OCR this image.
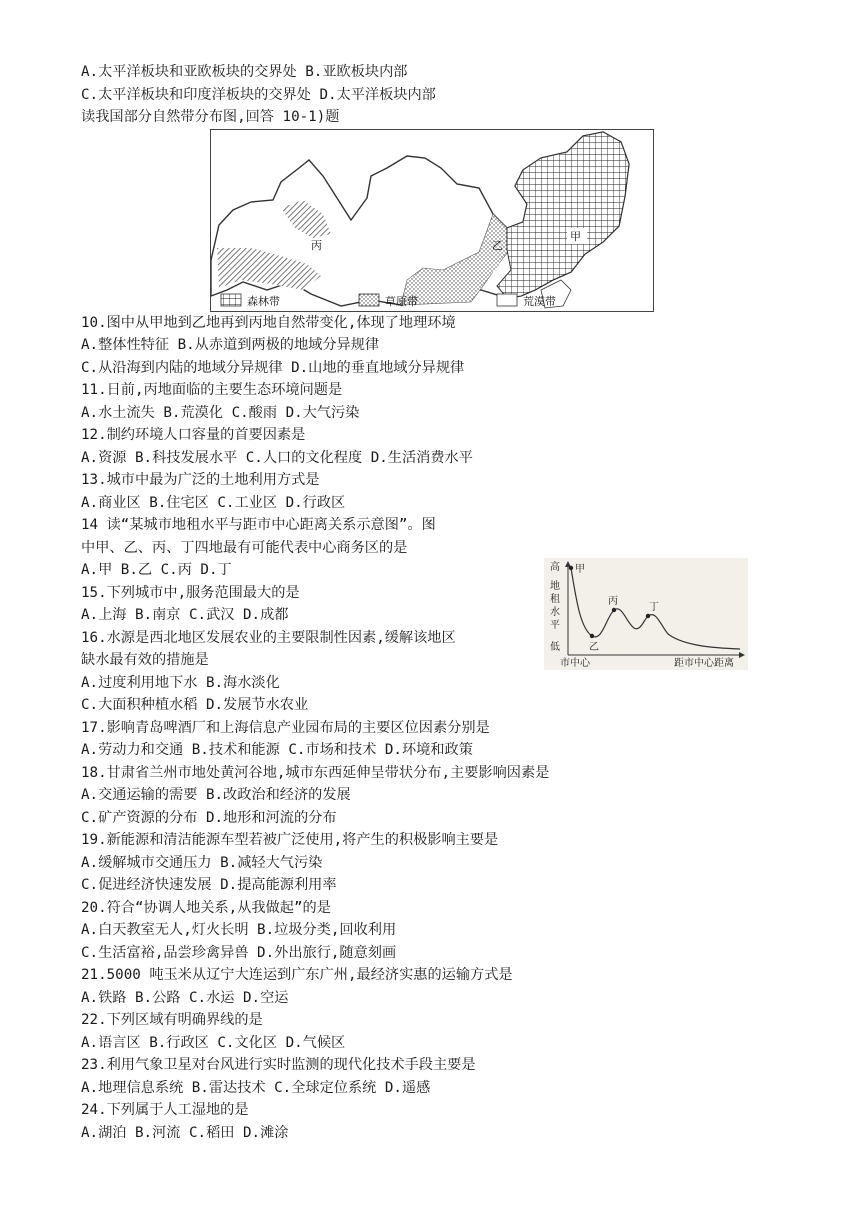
A.太平洋板块和亚欧板块的交界处 B.亚欧板块内部
C.太平洋板块和印度洋板块的交界处 D.太平洋板块内部
读我国部分自然带分布图,回答 10-1)题
甲
乙
丙
森林带	草原带	荒漠带
10.图中从甲地到乙地再到丙地自然带变化,体现了地理环境
A.整体性特征 B.从赤道到两极的地域分异规律
C.从沿海到内陆的地域分异规律 D.山地的垂直地域分异规律
11.日前,丙地面临的主要生态环境问题是
A.水土流失 B.荒漠化 C.酸雨 D.大气污染
12.制约环境人口容量的首要因素是
A.资源 B.科技发展水平 C.人口的文化程度 D.生活消费水平
13.城市中最为广泛的土地利用方式是
A.商业区 B.住宅区 C.工业区 D.行政区
14 读“某城市地租水平与距市中心距离关系示意图”。图
中甲、乙、丙、丁四地最有可能代表中心商务区的是
A.甲 B.乙 C.丙 D.丁
15.下列城市中,服务范围最大的是
A.上海 B.南京 C.武汉 D.成都
16.水源是西北地区发展农业的主要限制性因素,缓解该地区
缺水最有效的措施是
A.过度利用地下水 B.海水淡化
C.大面积种植水稻 D.发展节水农业
17.影响青岛啤酒厂和上海信息产业园布局的主要区位因素分别是
A.劳动力和交通 B.技术和能源 C.市场和技术 D.环境和政策
18.甘肃省兰州市地处黄河谷地,城市东西延伸呈带状分布,主要影响因素是
A.交通运输的需要 B.改政治和经济的发展
C.矿产资源的分布 D.地形和河流的分布
19.新能源和清洁能源车型若被广泛使用,将产生的积极影响主要是
A.缓解城市交通压力 B.减轻大气污染
C.促进经济快速发展 D.提高能源利用率
20.符合“协调人地关系,从我做起”的是
A.白天教室无人,灯火长明 B.垃圾分类,回收利用
C.生活富裕,品尝珍禽异兽 D.外出旅行,随意刻画
21.5000 吨玉米从辽宁大连运到广东广州,最经济实惠的运输方式是
A.铁路 B.公路 C.水运 D.空运
22.下列区域有明确界线的是
A.语言区 B.行政区 C.文化区 D.气候区
23.利用气象卫星对台风进行实时监测的现代化技术手段主要是
A.地理信息系统 B.雷达技术 C.全球定位系统 D.遥感
24.下列属于人工湿地的是
A.湖泊 B.河流 C.稻田 D.滩涂
高
地
租
水
平
低
市中心	距市中心距离
甲
乙
丙
丁
